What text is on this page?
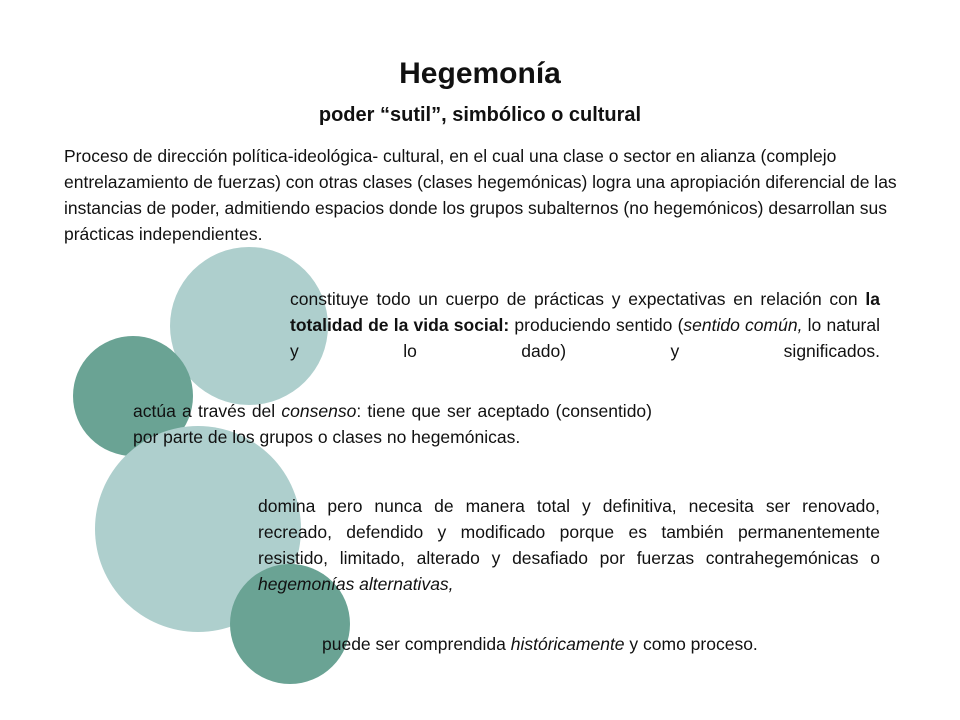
Hegemonía
poder “sutil”, simbólico o cultural

Proceso de dirección política-ideológica- cultural, en el cual una clase o sector en alianza (complejo entrelazamiento de fuerzas) con otras clases (clases hegemónicas) logra una apropiación diferencial de las instancias de poder, admitiendo espacios donde los grupos subalternos (no hegemónicos) desarrollan sus prácticas independientes.

constituye todo un cuerpo de prácticas y expectativas en relación con la totalidad de la vida social: produciendo sentido (sentido común, lo natural y lo dado) y significados.

actúa a través del consenso: tiene que ser aceptado (consentido) por parte de los grupos o clases no hegemónicas.

domina pero nunca de manera total y definitiva, necesita ser renovado, recreado, defendido y modificado porque es también permanentemente resistido, limitado, alterado y desafiado por fuerzas contrahegemónicas o hegemonías alternativas,

puede ser comprendida históricamente y como proceso.
